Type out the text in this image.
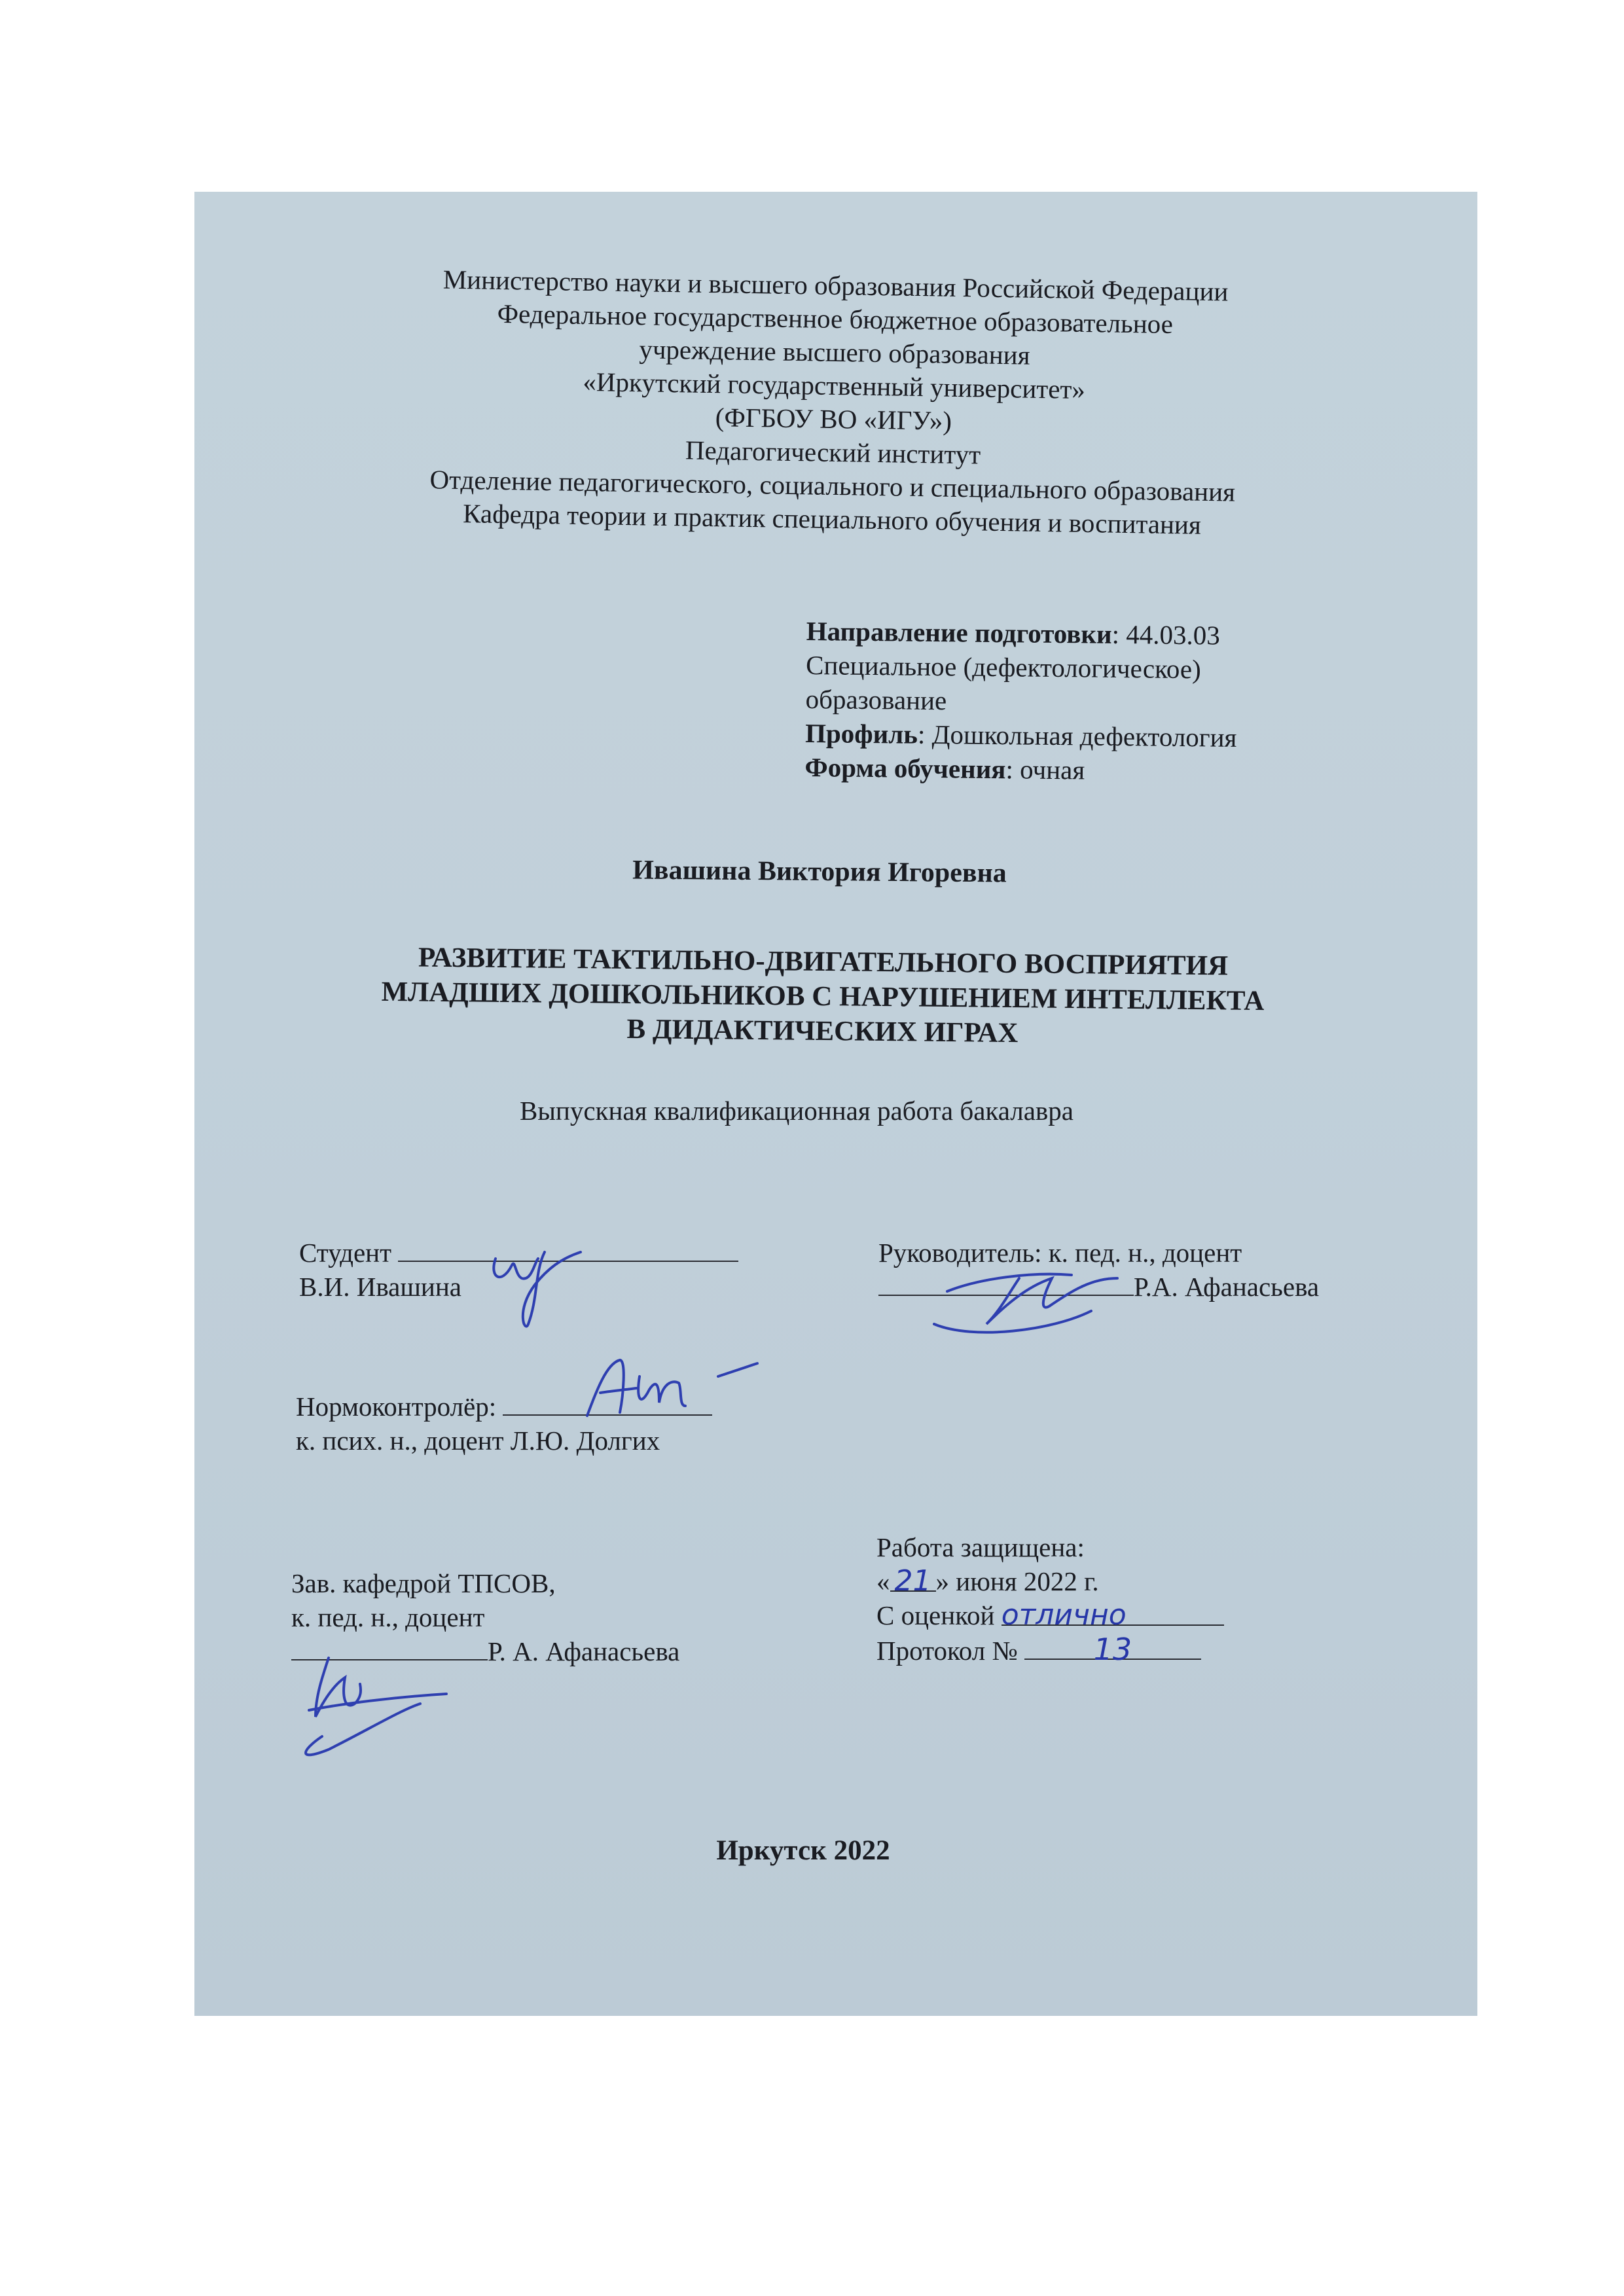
Министерство науки и высшего образования Российской Федерации
Федеральное государственное бюджетное образовательное
учреждение высшего образования
«Иркутский государственный университет»
(ФГБОУ ВО «ИГУ»)
Педагогический институт
Отделение педагогического, социального и специального образования
Кафедра теории и практик специального обучения и воспитания
Направление подготовки: 44.03.03
Специальное (дефектологическое)
образование
Профиль: Дошкольная дефектология
Форма обучения: очная
Ивашина Виктория Игоревна
РАЗВИТИЕ ТАКТИЛЬНО-ДВИГАТЕЛЬНОГО ВОСПРИЯТИЯ
МЛАДШИХ ДОШКОЛЬНИКОВ С НАРУШЕНИЕМ ИНТЕЛЛЕКТА
В ДИДАКТИЧЕСКИХ ИГРАХ
Выпускная квалификационная работа бакалавра
Студент
В.И. Ивашина
Руководитель: к. пед. н., доцент
Р.А. Афанасьева
Нормоконтролёр:
к. псих. н., доцент Л.Ю. Долгих
Зав. кафедрой ТПСОВ,
к. пед. н., доцент
Р. А. Афанасьева
Работа защищена:
« 21 » июня 2022 г.
С оценкой отлично
Протокол №	13
Иркутск 2022
